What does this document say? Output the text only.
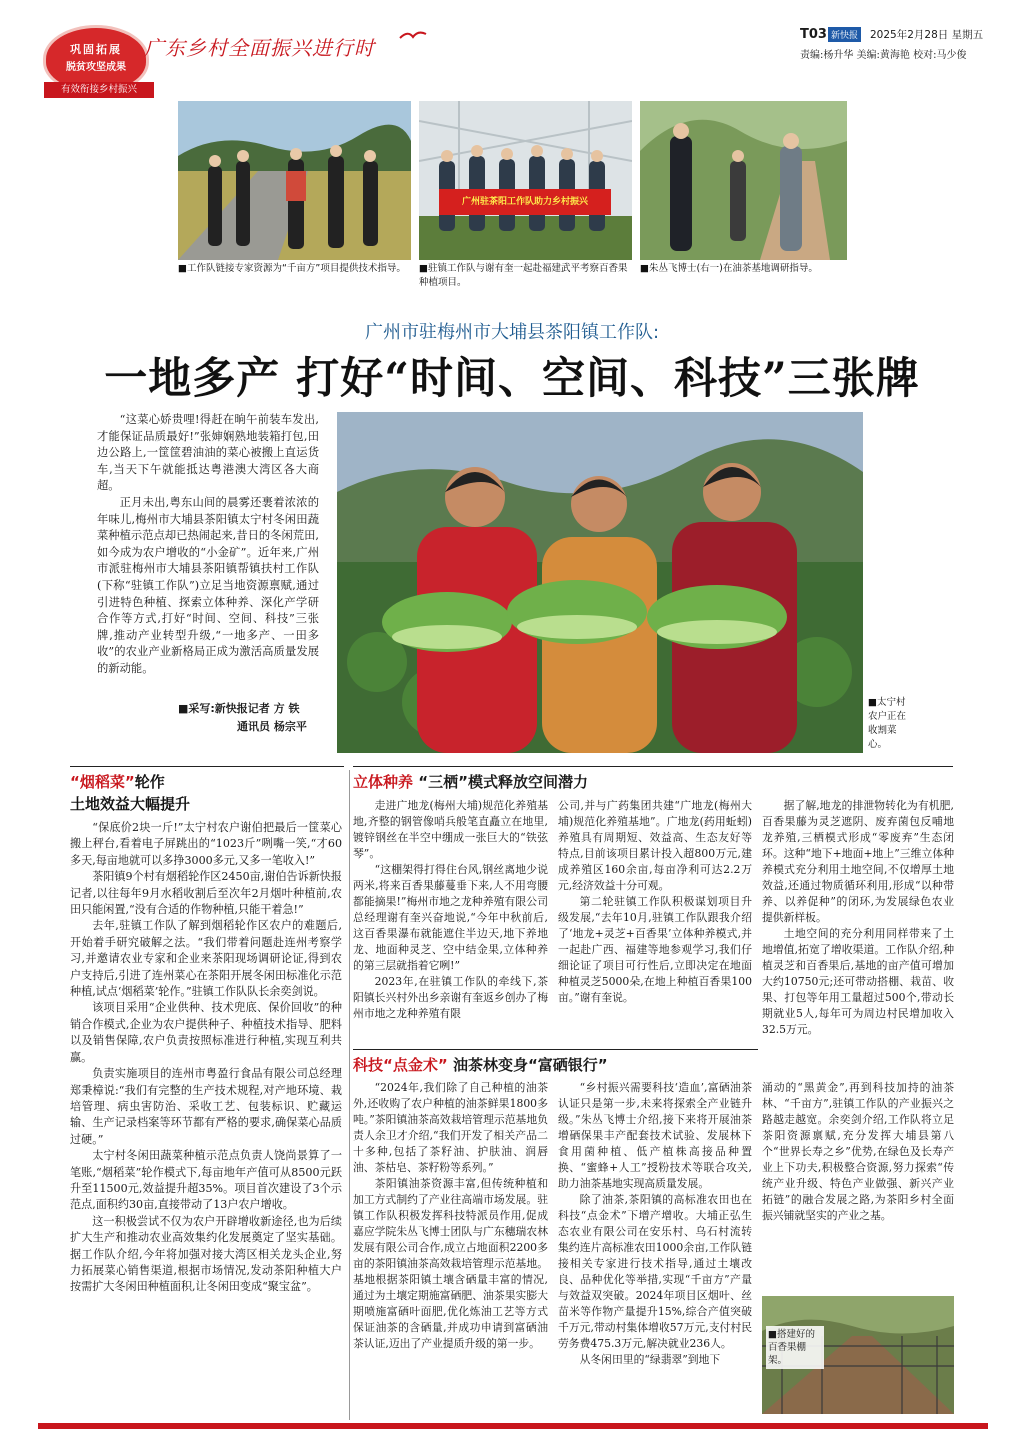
巩固拓展
脱贫攻坚成果
有效衔接乡村振兴
广东乡村全面振兴进行时
T03 新快报 2025年2月28日 星期五
责编:杨升华 美编:黄海艳 校对:马少俊
■工作队链接专家资源为“千亩方”项目提供技术指导。
广州驻茶阳工作队助力乡村振兴
■驻镇工作队与谢有奎一起赴福建武平考察百香果种植项目。
■朱丛飞博士(右一)在油茶基地调研指导。
广州市驻梅州市大埔县茶阳镇工作队:
一地多产 打好“时间、空间、科技”三张牌

“这菜心娇贵哩!得赶在晌午前装车发出,才能保证品质最好!”张婶娴熟地装箱打包,田边公路上,一筐筐碧油油的菜心被搬上直运货车,当天下午就能抵达粤港澳大湾区各大商超。

正月未出,粤东山间的晨雾还裹着浓浓的年味儿,梅州市大埔县茶阳镇太宁村冬闲田蔬菜种植示范点却已热闹起来,昔日的冬闲荒田,如今成为农户增收的“小金矿”。近年来,广州市派驻梅州市大埔县茶阳镇帮镇扶村工作队(下称“驻镇工作队”)立足当地资源禀赋,通过引进特色种植、探索立体种养、深化产学研合作等方式,打好“时间、空间、科技”三张牌,推动产业转型升级,“一地多产、一田多收”的农业产业新格局正成为激活高质量发展的新动能。

■采写:新快报记者 方 铁
通讯员 杨宗平
■太宁村农户正在收割菜心。
“烟稻菜”轮作
土地效益大幅提升

“保底价2块一斤!”太宁村农户谢伯把最后一筐菜心搬上秤台,看着电子屏跳出的“1023斤”咧嘴一笑,“才60多天,每亩地就可以多挣3000多元,又多一笔收入!”

茶阳镇9个村有烟稻轮作区2450亩,谢伯告诉新快报记者,以往每年9月水稻收割后至次年2月烟叶种植前,农田只能闲置,“没有合适的作物种植,只能干着急!”

去年,驻镇工作队了解到烟稻轮作区农户的难题后,开始着手研究破解之法。“我们带着问题赴连州考察学习,并邀请农业专家和企业来茶阳现场调研论证,得到农户支持后,引进了连州菜心在茶阳开展冬闲田标准化示范种植,试点‘烟稻菜’轮作。”驻镇工作队队长余奕剑说。

该项目采用“企业供种、技术兜底、保价回收”的种销合作模式,企业为农户提供种子、种植技术指导、肥料以及销售保障,农户负责按照标准进行种植,实现互利共赢。

负责实施项目的连州市粤盈行食品有限公司总经理郑秉樟说:“我们有完整的生产技术规程,对产地环境、栽培管理、病虫害防治、采收工艺、包装标识、贮藏运输、生产记录档案等环节都有严格的要求,确保菜心品质过硬。”

太宁村冬闲田蔬菜种植示范点负责人饶尚景算了一笔账,“烟稻菜”轮作模式下,每亩地年产值可从8500元跃升至11500元,效益提升超35%。项目首次建设了3个示范点,面积约30亩,直接带动了13户农户增收。

这一积极尝试不仅为农户开辟增收新途径,也为后续扩大生产和推动农业高效集约化发展奠定了坚实基础。据工作队介绍,今年将加强对接大湾区相关龙头企业,努力拓展菜心销售渠道,根据市场情况,发动茶阳种植大户按需扩大冬闲田种植面积,让冬闲田变成“聚宝盆”。

立体种养 “三栖”模式释放空间潜力

走进广地龙(梅州大埔)规范化养殖基地,齐整的钢管像哨兵般笔直矗立在地里,镀锌钢丝在半空中绷成一张巨大的“铁弦琴”。

“这棚架得打得住台风,钢丝离地少说两米,将来百香果藤蔓垂下来,人不用弯腰都能摘果!”梅州市地之龙种养殖有限公司总经理谢有奎兴奋地说,“今年中秋前后,这百香果瀑布就能遮住半边天,地下养地龙、地面种灵芝、空中结金果,立体种养的第三层就指着它咧!”

2023年,在驻镇工作队的牵线下,茶阳镇长兴村外出乡亲谢有奎返乡创办了梅州市地之龙种养殖有限

公司,并与广药集团共建“广地龙(梅州大埔)规范化养殖基地”。广地龙(药用蚯蚓)养殖具有周期短、效益高、生态友好等特点,目前该项目累计投入超800万元,建成养殖区160余亩,每亩净利可达2.2万元,经济效益十分可观。

第二轮驻镇工作队积极谋划项目升级发展,“去年10月,驻镇工作队跟我介绍了‘地龙+灵芝+百香果’立体种养模式,并一起赴广西、福建等地参观学习,我们仔细论证了项目可行性后,立即决定在地面种植灵芝5000朵,在地上种植百香果100亩。”谢有奎说。

据了解,地龙的排泄物转化为有机肥,百香果藤为灵芝遮阴、废弃菌包反哺地龙养殖,三栖模式形成“零废弃”生态闭环。这种“地下+地面+地上”三维立体种养模式充分利用土地空间,不仅增厚土地效益,还通过物质循环利用,形成“以种带养、以养促种”的闭环,为发展绿色农业提供新样板。

土地空间的充分利用同样带来了土地增值,拓宽了增收渠道。工作队介绍,种植灵芝和百香果后,基地的亩产值可增加大约10750元;还可带动搭棚、栽苗、收果、打包等年用工量超过500个,带动长期就业5人,每年可为周边村民增加收入32.5万元。

科技“点金术” 油茶林变身“富硒银行”

“2024年,我们除了自己种植的油茶外,还收购了农户种植的油茶鲜果1800多吨。”茶阳镇油茶高效栽培管理示范基地负责人余卫才介绍,“我们开发了相关产品二十多种,包括了茶籽油、护肤油、润唇油、茶枯皂、茶籽粉等系列。”

茶阳镇油茶资源丰富,但传统种植和加工方式制约了产业往高端市场发展。驻镇工作队积极发挥科技特派员作用,促成嘉应学院朱丛飞博士团队与广东穗瑞农林发展有限公司合作,成立占地面积2200多亩的茶阳镇油茶高效栽培管理示范基地。基地根据茶阳镇土壤含硒量丰富的情况,通过为土壤定期施富硒肥、油茶果实膨大期喷施富硒叶面肥,优化炼油工艺等方式保证油茶的含硒量,并成功申请到富硒油茶认证,迈出了产业提质升级的第一步。

“乡村振兴需要科技‘造血’,富硒油茶认证只是第一步,未来将探索全产业链升级。”朱丛飞博士介绍,接下来将开展油茶增硒保果丰产配套技术试验、发展林下食用菌种植、低产植株高接品种置换、“蜜蜂+人工”授粉技术等联合攻关,助力油茶基地实现高质量发展。

除了油茶,茶阳镇的高标准农田也在科技“点金术”下增产增收。大埔正弘生态农业有限公司在安乐村、乌石村流转集约连片高标准农田1000余亩,工作队链接相关专家进行技术指导,通过土壤改良、品种优化等举措,实现“千亩方”产量与效益双突破。2024年项目区烟叶、丝苗米等作物产量提升15%,综合产值突破千万元,带动村集体增收57万元,支付村民劳务费475.3万元,解决就业236人。

从冬闲田里的“绿翡翠”到地下

涌动的“黑黄金”,再到科技加持的油茶林、“千亩方”,驻镇工作队的产业振兴之路越走越宽。余奕剑介绍,工作队将立足茶阳资源禀赋,充分发挥大埔县第八个“世界长寿之乡”优势,在绿色及长寿产业上下功夫,积极整合资源,努力探索“传统产业升级、特色产业做强、新兴产业拓链”的融合发展之路,为茶阳乡村全面振兴铺就坚实的产业之基。

■搭建好的百香果棚架。
